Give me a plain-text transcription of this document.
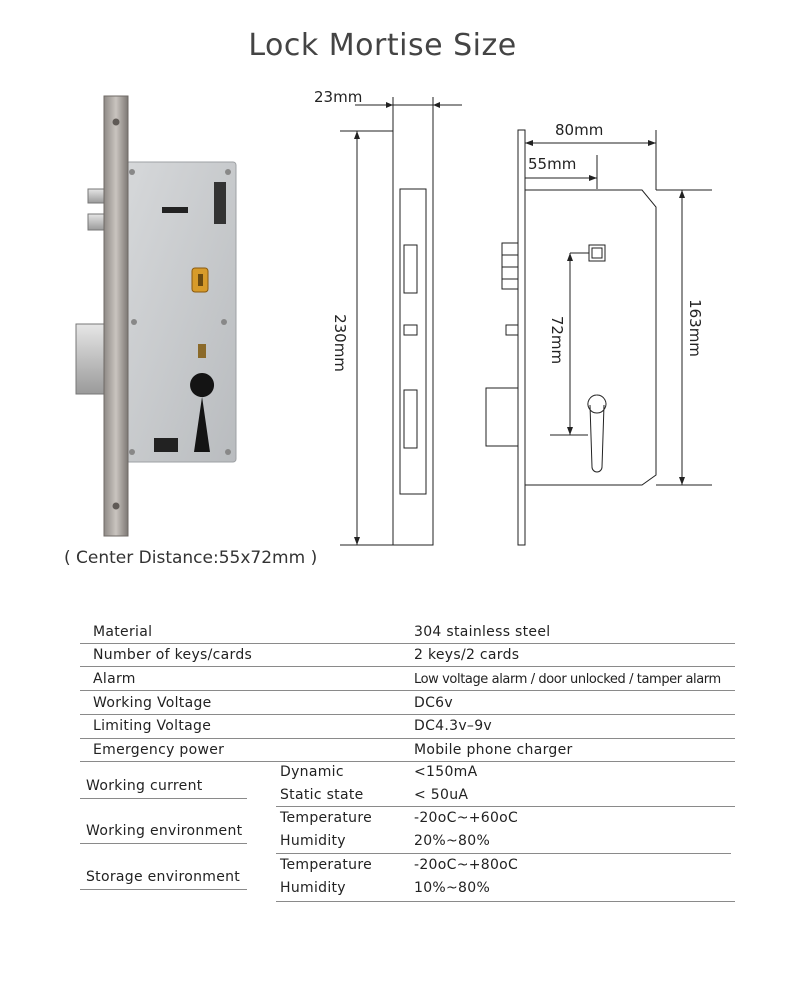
Lock Mortise Size
( Center Distance:55x72mm )
23mm
230mm
80mm
55mm
72mm	163mm
Material	304 stainless steel
Number of keys/cards	2 keys/2 cards
Alarm	Low voltage alarm / door unlocked / tamper alarm
Working Voltage	DC6v
Limiting Voltage	DC4.3v–9v
Emergency power	Mobile phone charger
Working current
Dynamic	<150mA
Static state	< 50uA
Working environment
Temperature	-20oC~+60oC
Humidity	20%~80%
Storage environment
Temperature	-20oC~+80oC
Humidity	10%~80%
